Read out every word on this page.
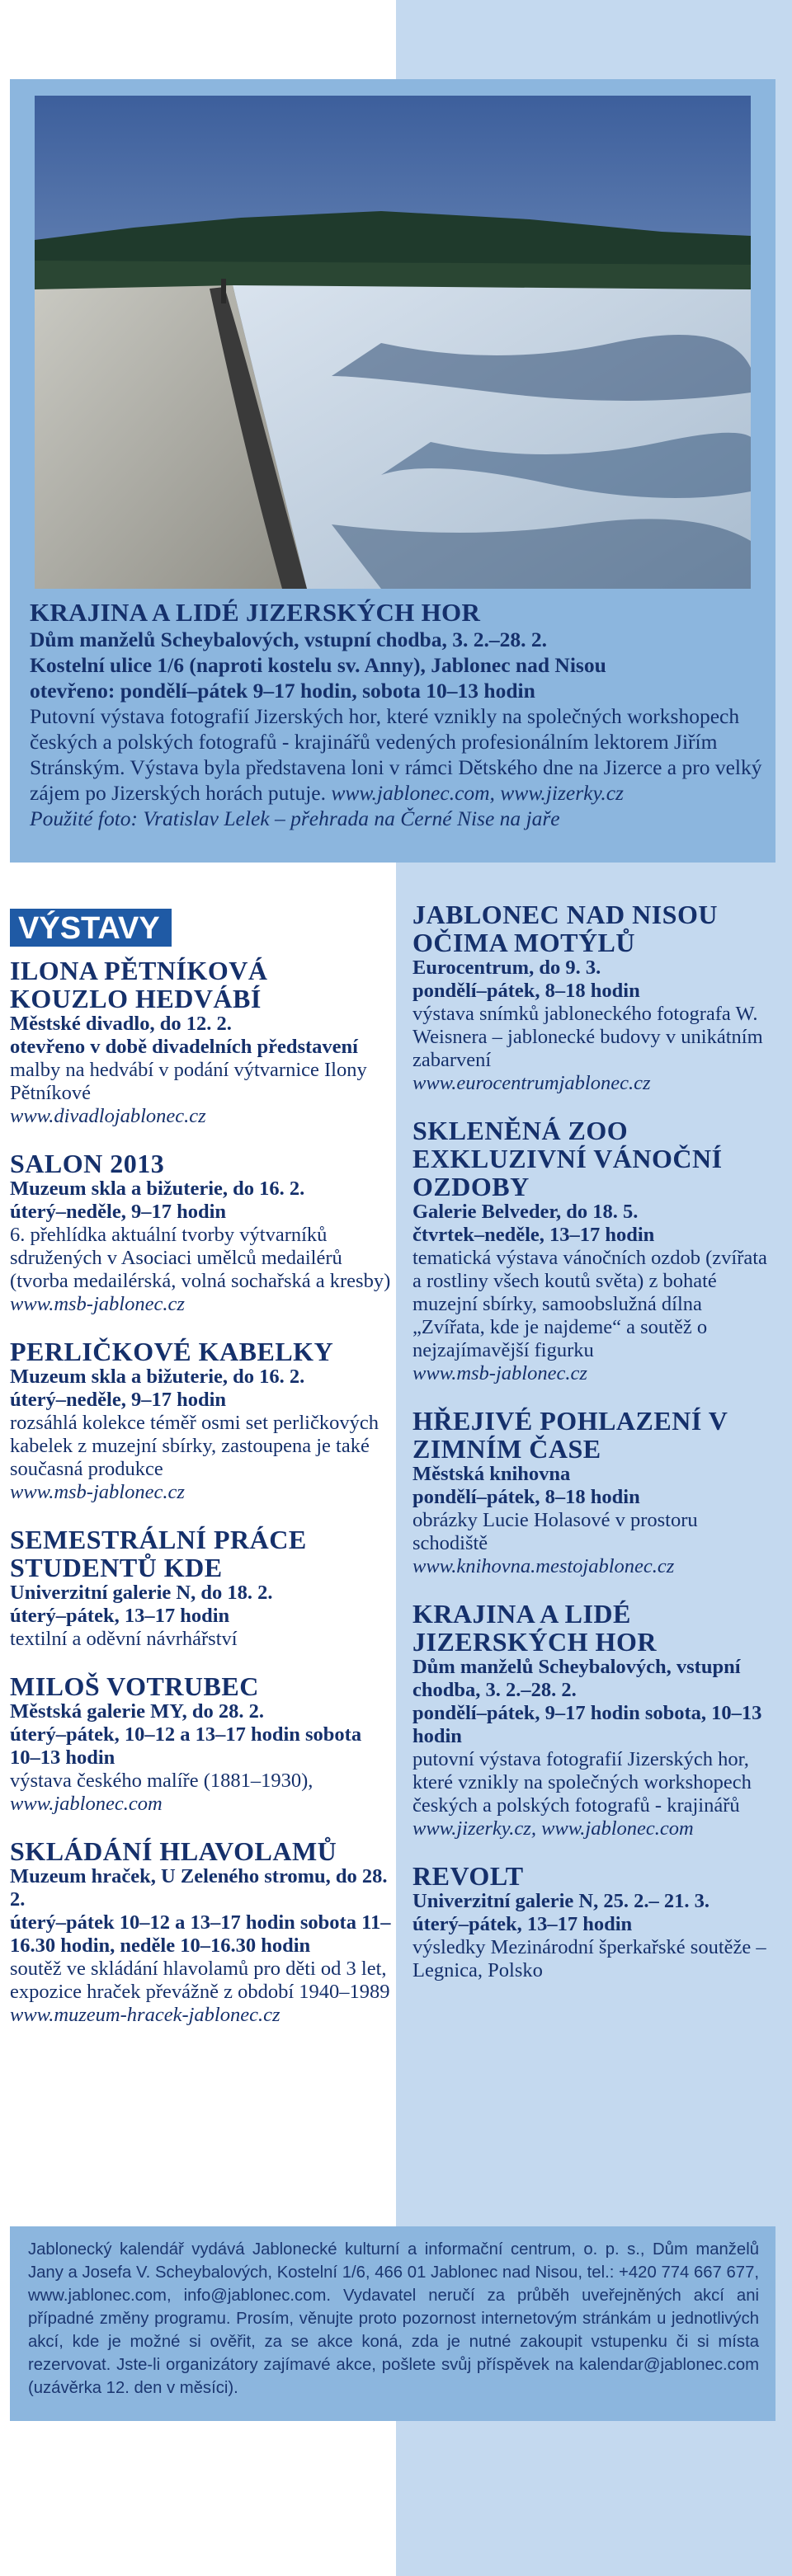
KRAJINA A LIDÉ JIZERSKÝCH HOR
Dům manželů Scheybalových, vstupní chodba, 3. 2.–28. 2.
Kostelní ulice 1/6 (naproti kostelu sv. Anny), Jablonec nad Nisou
otevřeno: pondělí–pátek 9–17 hodin, sobota 10–13 hodin
Putovní výstava fotografií Jizerských hor, které vznikly na společných workshopech českých a polských fotografů - krajinářů vedených profesionálním lektorem Jiřím Stránským. Výstava byla představena loni v rámci Dětského dne na Jizerce a pro velký zájem po Jizerských horách putuje. www.jablonec.com, www.jizerky.cz
Použité foto: Vratislav Lelek – přehrada na Černé Nise na jaře
VÝSTAVY
ILONA PĚTNÍKOVÁ KOUZLO HEDVÁBÍ
Městské divadlo, do 12. 2.
otevřeno v době divadelních představení
malby na hedvábí v podání výtvarnice Ilony Pětníkové
www.divadlojablonec.cz
SALON 2013
Muzeum skla a bižuterie, do 16. 2.
úterý–neděle, 9–17 hodin
6. přehlídka aktuální tvorby výtvarníků sdružených v Asociaci umělců medailérů (tvorba medailérská, volná sochařská a kresby)
www.msb-jablonec.cz
PERLIČKOVÉ KABELKY
Muzeum skla a bižuterie, do 16. 2.
úterý–neděle, 9–17 hodin
rozsáhlá kolekce téměř osmi set perličkových kabelek z muzejní sbírky, zastoupena je také současná produkce
www.msb-jablonec.cz
SEMESTRÁLNÍ PRÁCE STUDENTŮ KDE
Univerzitní galerie N, do 18. 2.
úterý–pátek, 13–17 hodin
textilní a oděvní návrhářství
MILOŠ VOTRUBEC
Městská galerie MY, do 28. 2.
úterý–pátek, 10–12 a 13–17 hodin sobota 10–13 hodin
výstava českého malíře (1881–1930),
www.jablonec.com
SKLÁDÁNÍ HLAVOLAMŮ
Muzeum hraček, U Zeleného stromu, do 28. 2.
úterý–pátek 10–12 a 13–17 hodin sobota 11–16.30 hodin, neděle 10–16.30 hodin
soutěž ve skládání hlavolamů pro děti od 3 let, expozice hraček převážně z období 1940–1989
www.muzeum-hracek-jablonec.cz
JABLONEC NAD NISOU OČIMA MOTÝLŮ
Eurocentrum, do 9. 3.
pondělí–pátek, 8–18 hodin
výstava snímků jabloneckého fotografa W. Weisnera – jablonecké budovy v unikátním zabarvení
www.eurocentrumjablonec.cz
SKLENĚNÁ ZOO EXKLUZIVNÍ VÁNOČNÍ OZDOBY
Galerie Belveder, do 18. 5.
čtvrtek–neděle, 13–17 hodin
tematická výstava vánočních ozdob (zvířata a rostliny všech koutů světa) z bohaté muzejní sbírky, samoobslužná dílna „Zvířata, kde je najdeme“ a soutěž o nejzajímavější figurku
www.msb-jablonec.cz
HŘEJIVÉ POHLAZENÍ V ZIMNÍM ČASE
Městská knihovna
pondělí–pátek, 8–18 hodin
obrázky Lucie Holasové v prostoru schodiště
www.knihovna.mestojablonec.cz
KRAJINA A LIDÉ JIZERSKÝCH HOR
Dům manželů Scheybalových, vstupní chodba, 3. 2.–28. 2.
pondělí–pátek, 9–17 hodin sobota, 10–13 hodin
putovní výstava fotografií Jizerských hor, které vznikly na společných workshopech českých a polských fotografů - krajinářů
www.jizerky.cz, www.jablonec.com
REVOLT
Univerzitní galerie N, 25. 2.– 21. 3.
úterý–pátek, 13–17 hodin
výsledky Mezinárodní šperkařské soutěže – Legnica, Polsko
Jablonecký kalendář vydává Jablonecké kulturní a informační centrum, o. p. s., Dům manželů Jany a Josefa V. Scheybalových, Kostelní 1/6, 466 01 Jablonec nad Nisou, tel.: +420 774 667 677, www.jablonec.com, info@jablonec.com. Vydavatel neručí za průběh uveřejněných akcí ani případné změny programu. Prosím, věnujte proto pozornost internetovým stránkám u jednotlivých akcí, kde je možné si ověřit, za se akce koná, zda je nutné zakoupit vstupenku či si místa rezervovat. Jste-li organizátory zajímavé akce, pošlete svůj příspěvek na kalendar@jablonec.com (uzávěrka 12. den v měsíci).
